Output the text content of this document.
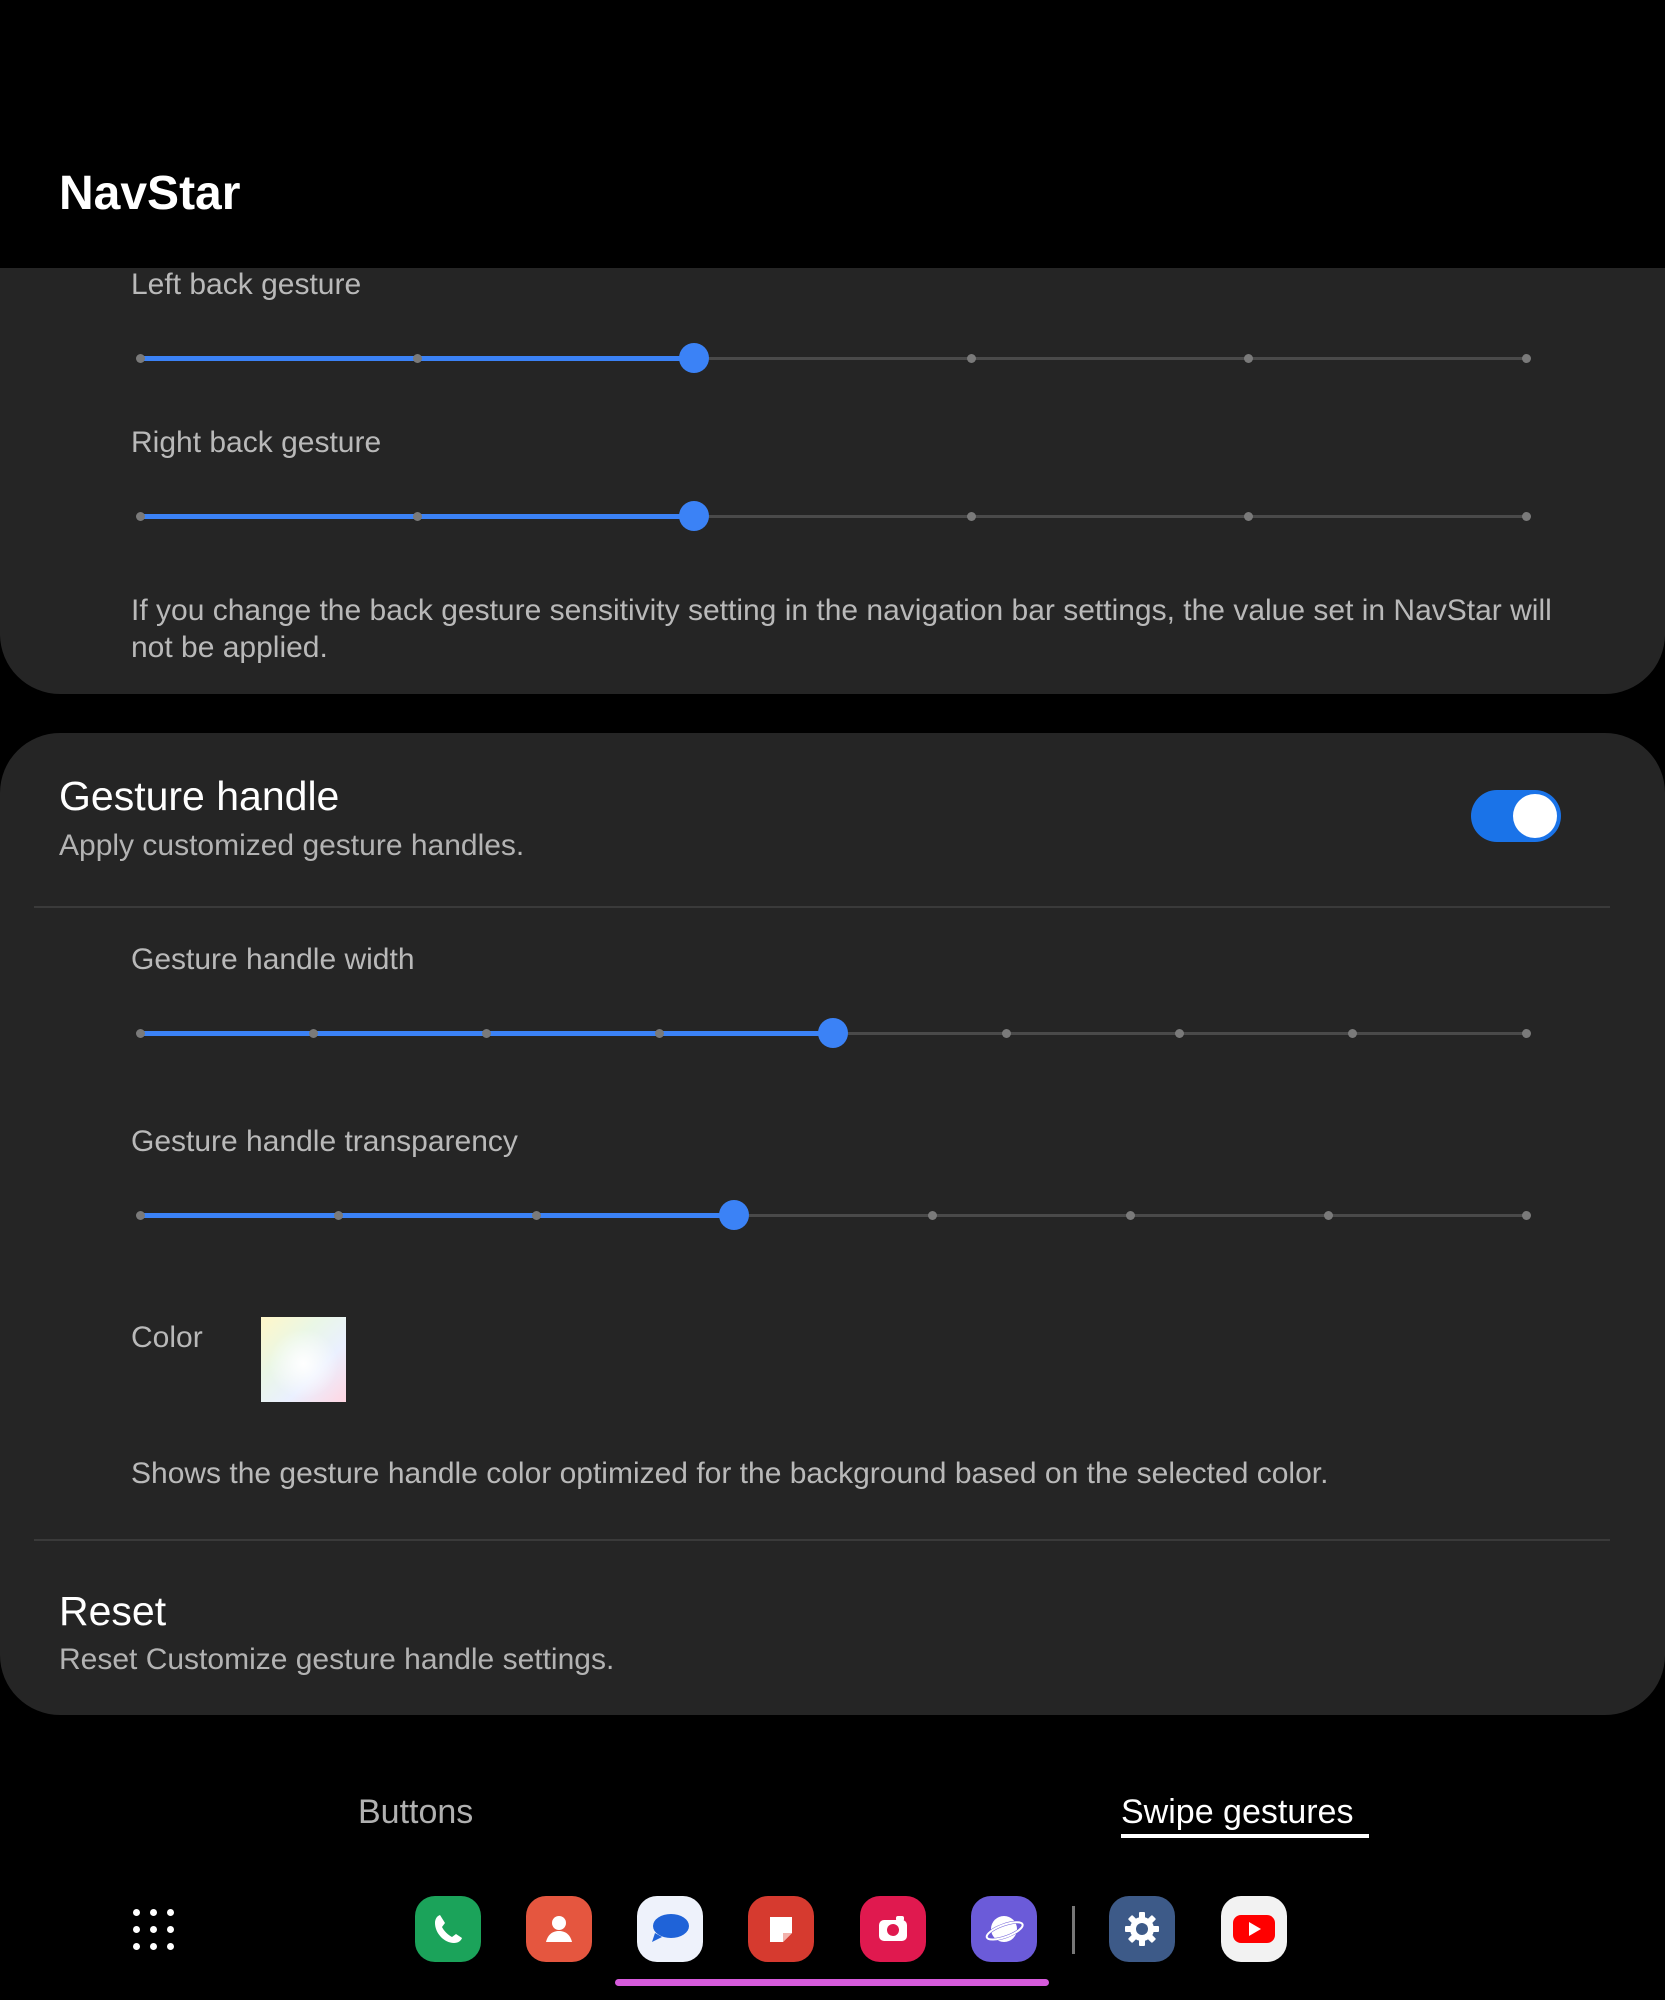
NavStar
Left back gesture
Right back gesture
If you change the back gesture sensitivity setting in the navigation bar settings, the value set in NavStar will not be applied.
Gesture handle
Apply customized gesture handles.
Gesture handle width
Gesture handle transparency
Color
Shows the gesture handle color optimized for the background based on the selected color.
Reset
Reset Customize gesture handle settings.
Buttons	Swipe gestures
